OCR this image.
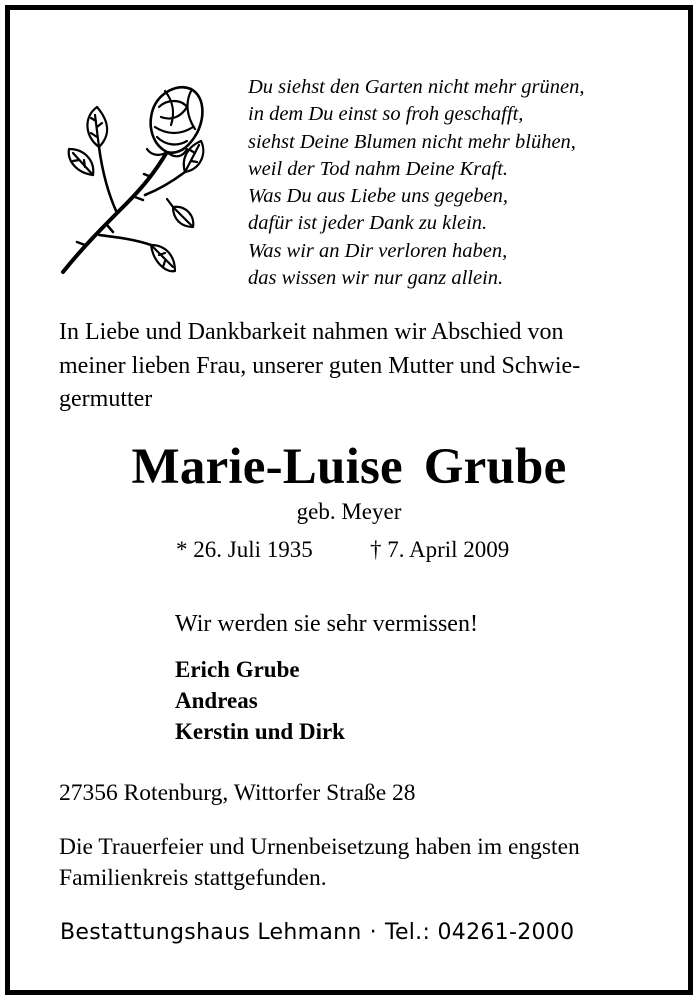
Du siehst den Garten nicht mehr grünen,
in dem Du einst so froh geschafft,
siehst Deine Blumen nicht mehr blühen,
weil der Tod nahm Deine Kraft.
Was Du aus Liebe uns gegeben,
dafür ist jeder Dank zu klein.
Was wir an Dir verloren haben,
das wissen wir nur ganz allein.
In Liebe und Dankbarkeit nahmen wir Abschied von
meiner lieben Frau, unserer guten Mutter und Schwie-
germutter
Marie-Luise Grube
geb. Meyer
* 26. Juli 1935 † 7. April 2009
Wir werden sie sehr vermissen!
Erich Grube
Andreas
Kerstin und Dirk
27356 Rotenburg, Wittorfer Straße 28
Die Trauerfeier und Urnenbeisetzung haben im engsten
Familienkreis stattgefunden.
Bestattungshaus Lehmann · Tel.: 04261-2000
